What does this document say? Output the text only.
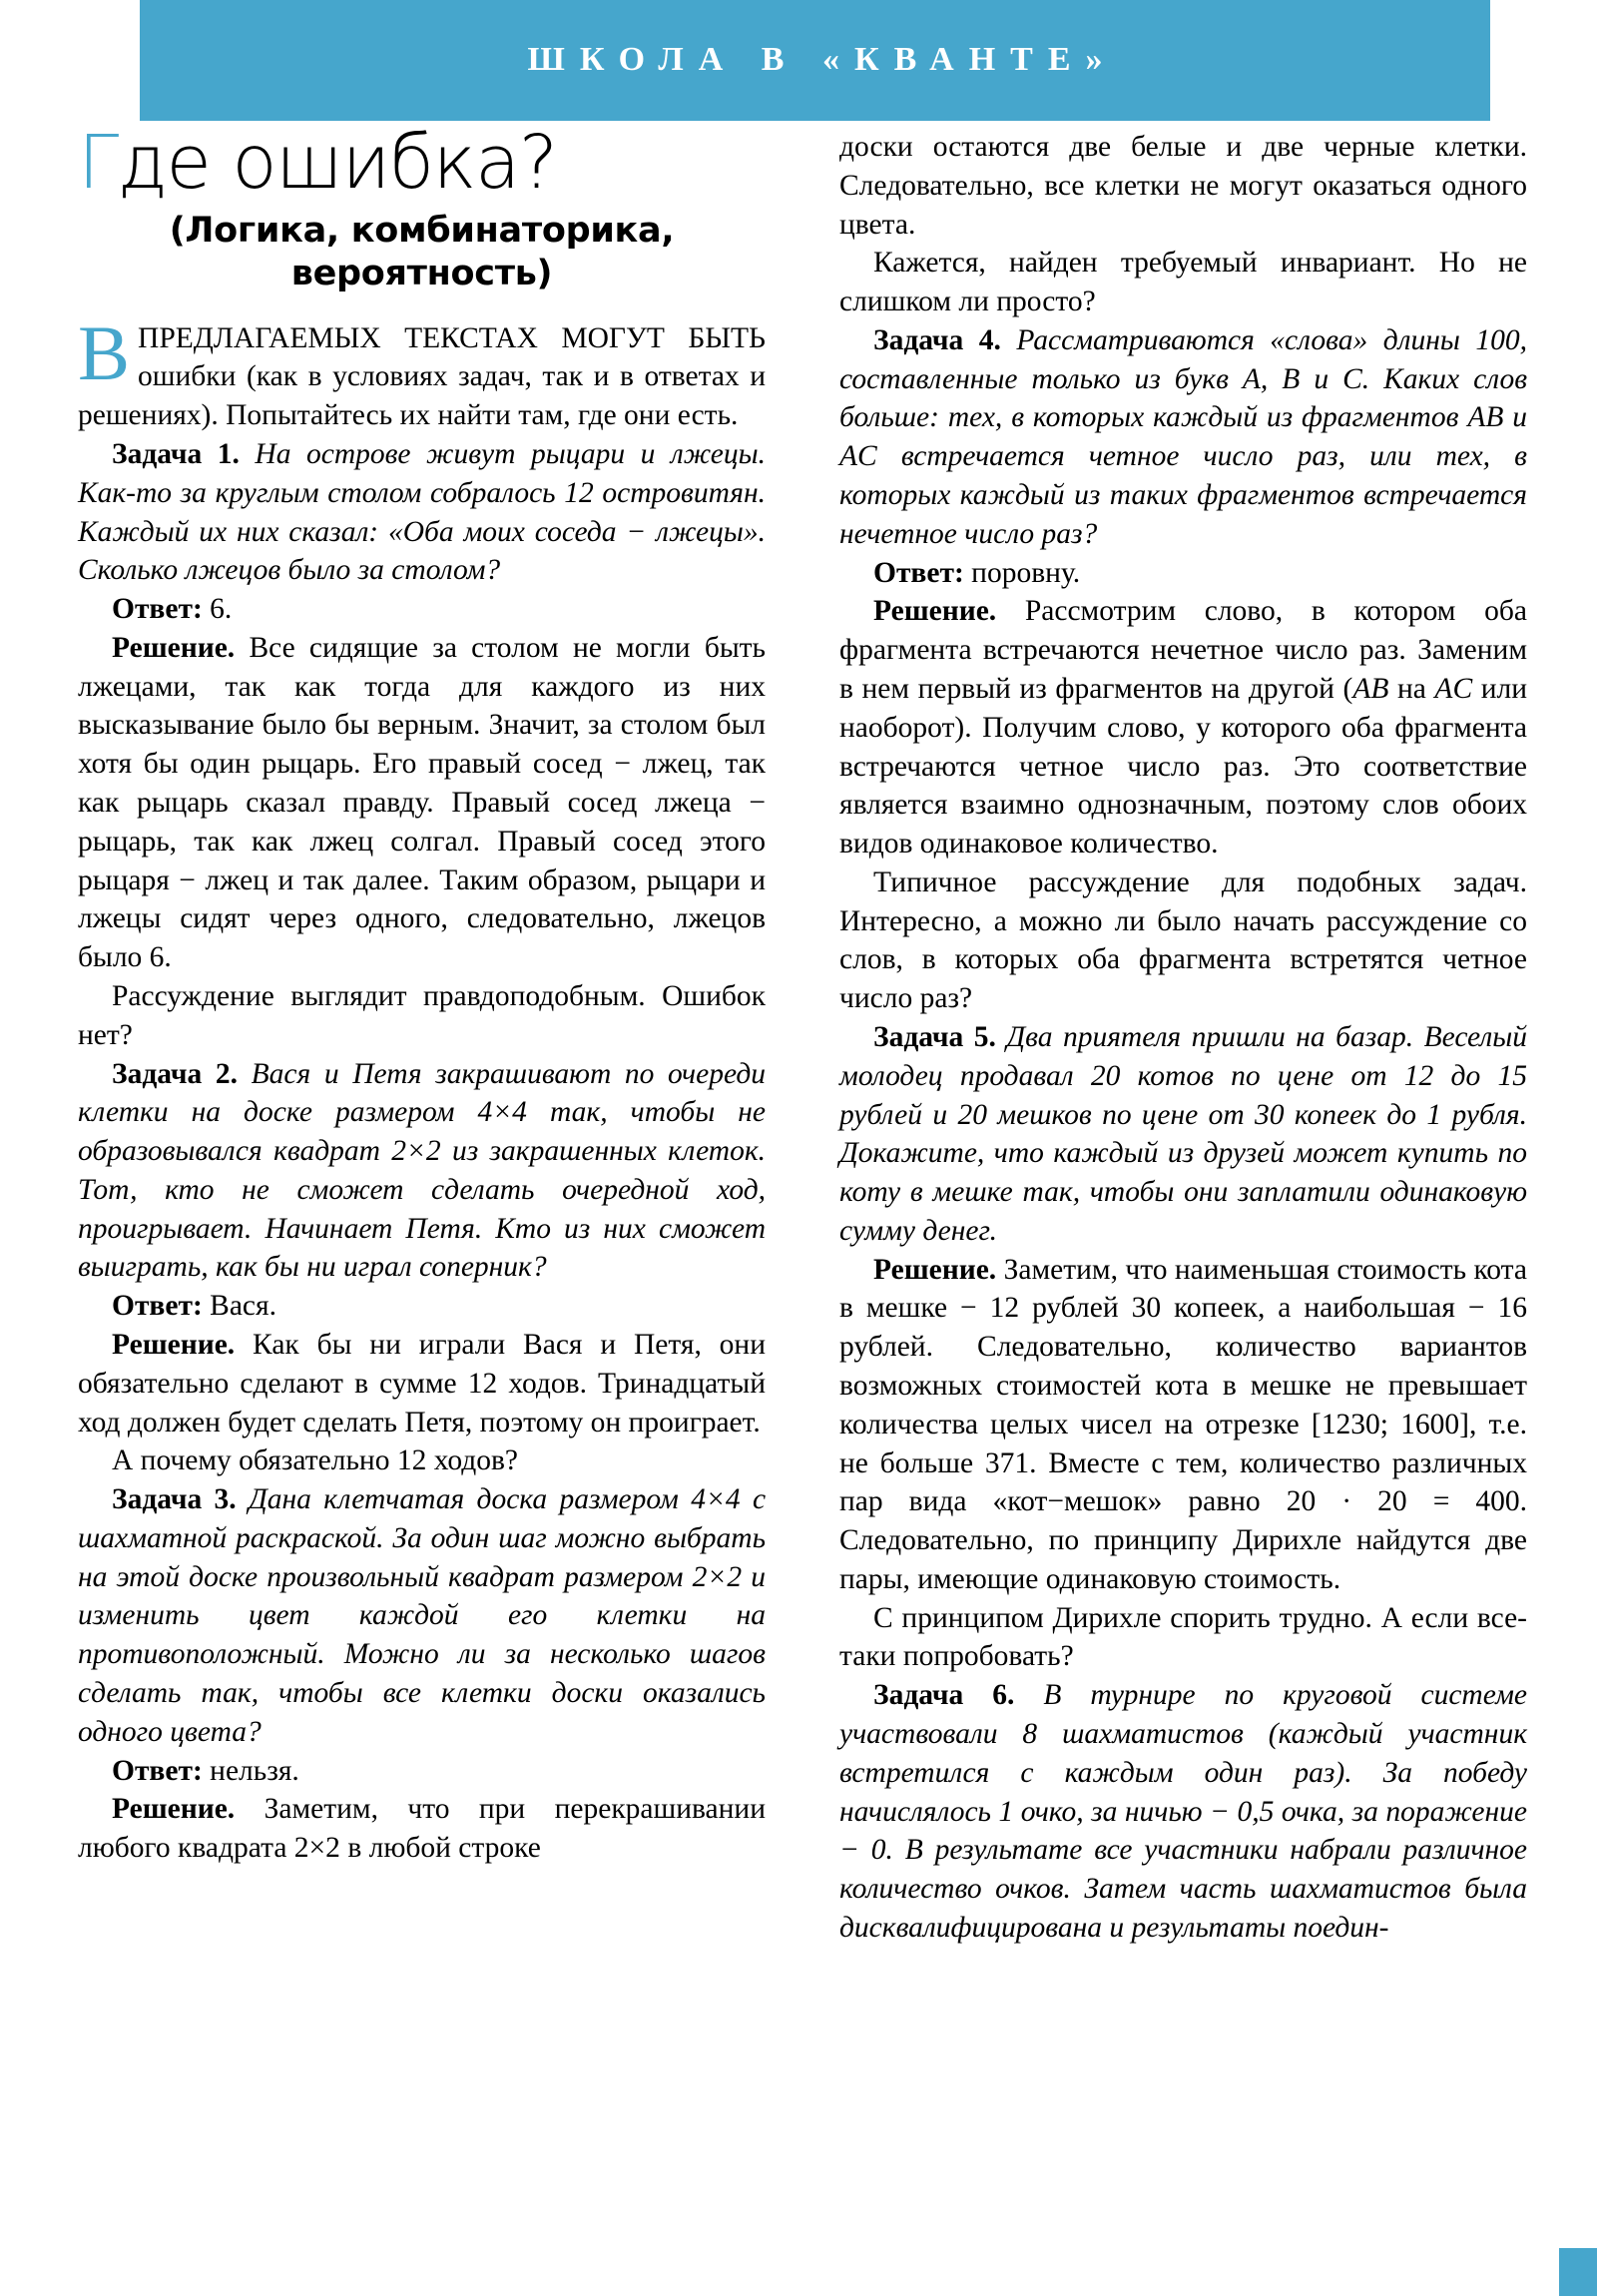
ШКОЛА В «КВАНТЕ»
Где ошибка?
(Логика, комбинаторика,
вероятность)

ВПРЕДЛАГАЕМЫХ ТЕКСТАХ МОГУТ БЫТЬ ошибки (как в условиях задач, так и в ответах и решениях). Попытайтесь их найти там, где они есть.

Задача 1. На острове живут рыцари и лжецы. Как-то за круглым столом собралось 12 островитян. Каждый их них сказал: «Оба моих соседа − лжецы». Сколько лжецов было за столом?

Ответ: 6.

Решение. Все сидящие за столом не могли быть лжецами, так как тогда для каждого из них высказывание было бы верным. Значит, за столом был хотя бы один рыцарь. Его правый сосед − лжец, так как рыцарь сказал правду. Правый сосед лжеца − рыцарь, так как лжец солгал. Правый сосед этого рыцаря − лжец и так далее. Таким образом, рыцари и лжецы сидят через одного, следовательно, лжецов было 6.

Рассуждение выглядит правдоподобным. Ошибок нет?

Задача 2. Вася и Петя закрашивают по очереди клетки на доске размером 4×4 так, чтобы не образовывался квадрат 2×2 из закрашенных клеток. Тот, кто не сможет сделать очередной ход, проигрывает. Начинает Петя. Кто из них сможет выиграть, как бы ни играл соперник?

Ответ: Вася.

Решение. Как бы ни играли Вася и Петя, они обязательно сделают в сумме 12 ходов. Тринадцатый ход должен будет сделать Петя, поэтому он проиграет.

А почему обязательно 12 ходов?

Задача 3. Дана клетчатая доска размером 4×4 с шахматной раскраской. За один шаг можно выбрать на этой доске произвольный квадрат размером 2×2 и изменить цвет каждой его клетки на противоположный. Можно ли за несколько шагов сделать так, чтобы все клетки доски оказались одного цвета?

Ответ: нельзя.

Решение. Заметим, что при перекрашивании любого квадрата 2×2 в любой строке

доски остаются две белые и две черные клетки. Следовательно, все клетки не могут оказаться одного цвета.

Кажется, найден требуемый инвариант. Но не слишком ли просто?

Задача 4. Рассматриваются «слова» длины 100, составленные только из букв A, B и C. Каких слов больше: тех, в которых каждый из фрагментов AB и AC встречается четное число раз, или тех, в которых каждый из таких фрагментов встречается нечетное число раз?

Ответ: поровну.

Решение. Рассмотрим слово, в котором оба фрагмента встречаются нечетное число раз. Заменим в нем первый из фрагментов на другой (AB на AC или наоборот). Получим слово, у которого оба фрагмента встречаются четное число раз. Это соответствие является взаимно однозначным, поэтому слов обоих видов одинаковое количество.

Типичное рассуждение для подобных задач. Интересно, а можно ли было начать рассуждение со слов, в которых оба фрагмента встретятся четное число раз?

Задача 5. Два приятеля пришли на базар. Веселый молодец продавал 20 котов по цене от 12 до 15 рублей и 20 мешков по цене от 30 копеек до 1 рубля. Докажите, что каждый из друзей может купить по коту в мешке так, чтобы они заплатили одинаковую сумму денег.

Решение. Заметим, что наименьшая стоимость кота в мешке − 12 рублей 30 копеек, а наибольшая − 16 рублей. Следовательно, количество вариантов возможных стоимостей кота в мешке не превышает количества целых чисел на отрезке [1230; 1600], т.е. не больше 371. Вместе с тем, количество различных пар вида «кот−мешок» равно 20 · 20 = 400. Следовательно, по принципу Дирихле найдутся две пары, имеющие одинаковую стоимость.

С принципом Дирихле спорить трудно. А если все-таки попробовать?

Задача 6. В турнире по круговой системе участвовали 8 шахматистов (каждый участник встретился с каждым один раз). За победу начислялось 1 очко, за ничью − 0,5 очка, за поражение − 0. В результате все участники набрали различное количество очков. Затем часть шахматистов была дисквалифицирована и результаты поедин-
